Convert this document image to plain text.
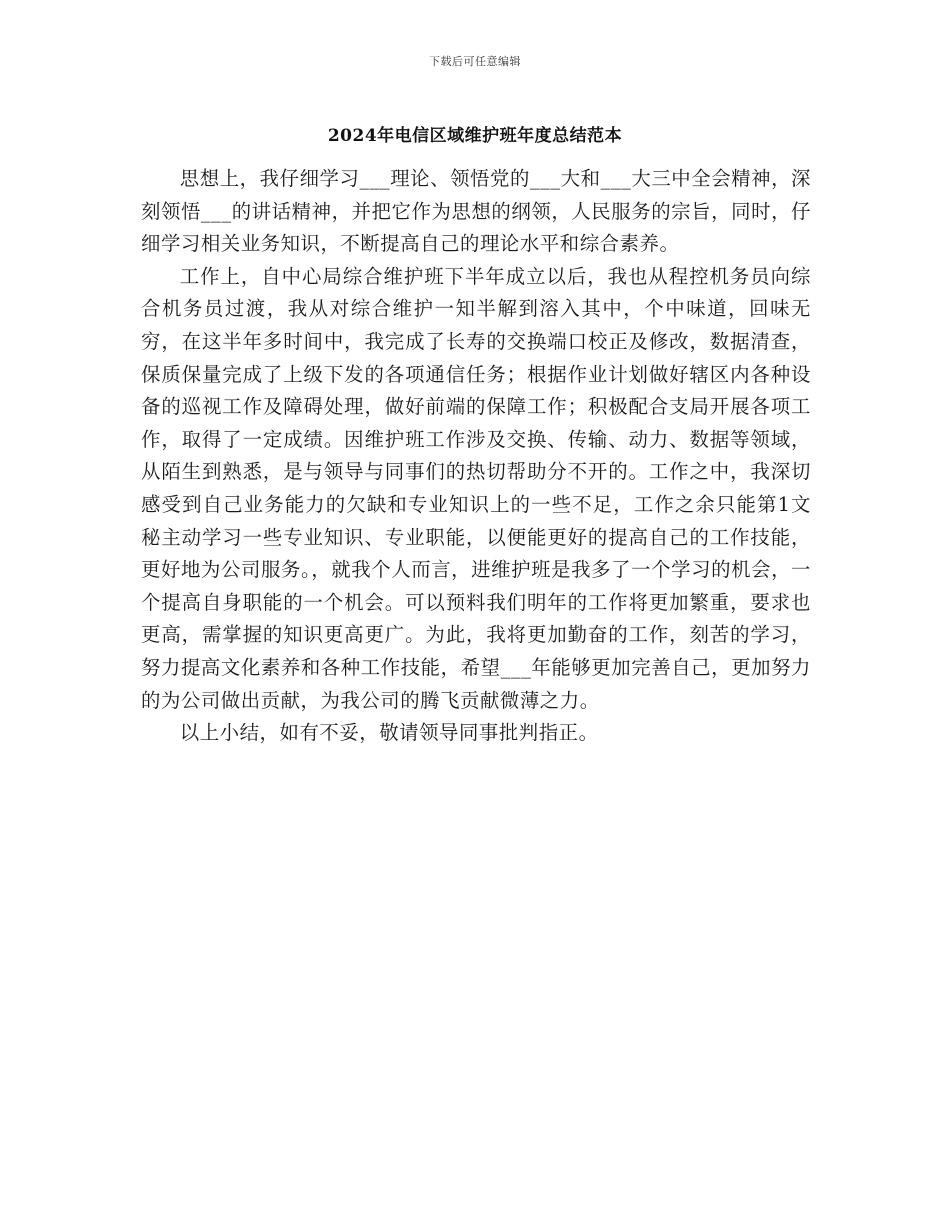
下载后可任意编辑
2024年电信区域维护班年度总结范本

思想上，我仔细学习___理论、领悟党的___大和___大三中全会精神，深刻领悟___的讲话精神，并把它作为思想的纲领，人民服务的宗旨，同时，仔细学习相关业务知识，不断提高自己的理论水平和综合素养。

工作上，自中心局综合维护班下半年成立以后，我也从程控机务员向综合机务员过渡，我从对综合维护一知半解到溶入其中，个中味道，回味无穷，在这半年多时间中，我完成了长寿的交换端口校正及修改，数据清查，保质保量完成了上级下发的各项通信任务；根据作业计划做好辖区内各种设备的巡视工作及障碍处理，做好前端的保障工作；积极配合支局开展各项工作，取得了一定成绩。因维护班工作涉及交换、传输、动力、数据等领域，从陌生到熟悉，是与领导与同事们的热切帮助分不开的。工作之中，我深切感受到自己业务能力的欠缺和专业知识上的一些不足，工作之余只能第1文秘主动学习一些专业知识、专业职能，以便能更好的提高自己的工作技能，更好地为公司服务。，就我个人而言，进维护班是我多了一个学习的机会，一个提高自身职能的一个机会。可以预料我们明年的工作将更加繁重，要求也更高，需掌握的知识更高更广。为此，我将更加勤奋的工作，刻苦的学习，努力提高文化素养和各种工作技能，希望___年能够更加完善自己，更加努力的为公司做出贡献，为我公司的腾飞贡献微薄之力。

以上小结，如有不妥，敬请领导同事批判指正。
